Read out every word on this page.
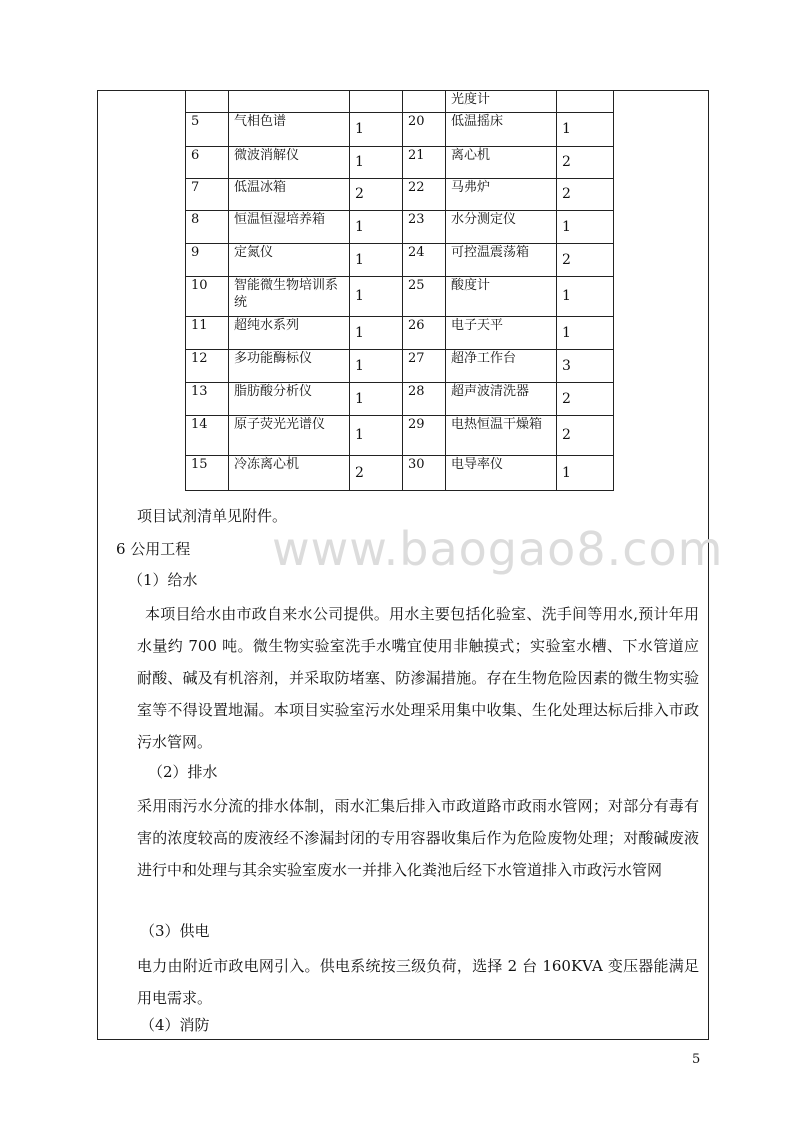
				光度计	
5	气相色谱	1	20	低温摇床	1
6	微波消解仪	1	21	离心机	2
7	低温冰箱	2	22	马弗炉	2
8	恒温恒湿培养箱	1	23	水分测定仪	1
9	定氮仪	1	24	可控温震荡箱	2
10	智能微生物培训系统	1	25	酸度计	1
11	超纯水系列	1	26	电子天平	1
12	多功能酶标仪	1	27	超净工作台	3
13	脂肪酸分析仪	1	28	超声波清洗器	2
14	原子荧光光谱仪	1	29	电热恒温干燥箱	2
15	冷冻离心机	2	30	电导率仪	1
www.baogao8.com
项目试剂清单见附件。
6 公用工程
（1）给水
本项目给水由市政自来水公司提供。用水主要包括化验室、洗手间等用水,预计年用水量约 700 吨。微生物实验室洗手水嘴宜使用非触摸式；实验室水槽、下水管道应耐酸、碱及有机溶剂，并采取防堵塞、防渗漏措施。存在生物危险因素的微生物实验室等不得设置地漏。本项目实验室污水处理采用集中收集、生化处理达标后排入市政污水管网。
（2）排水
采用雨污水分流的排水体制，雨水汇集后排入市政道路市政雨水管网；对部分有毒有害的浓度较高的废液经不渗漏封闭的专用容器收集后作为危险废物处理；对酸碱废液进行中和处理与其余实验室废水一并排入化粪池后经下水管道排入市政污水管网
（3）供电
电力由附近市政电网引入。供电系统按三级负荷，选择 2 台 160KVA 变压器能满足用电需求。
（4）消防
5
